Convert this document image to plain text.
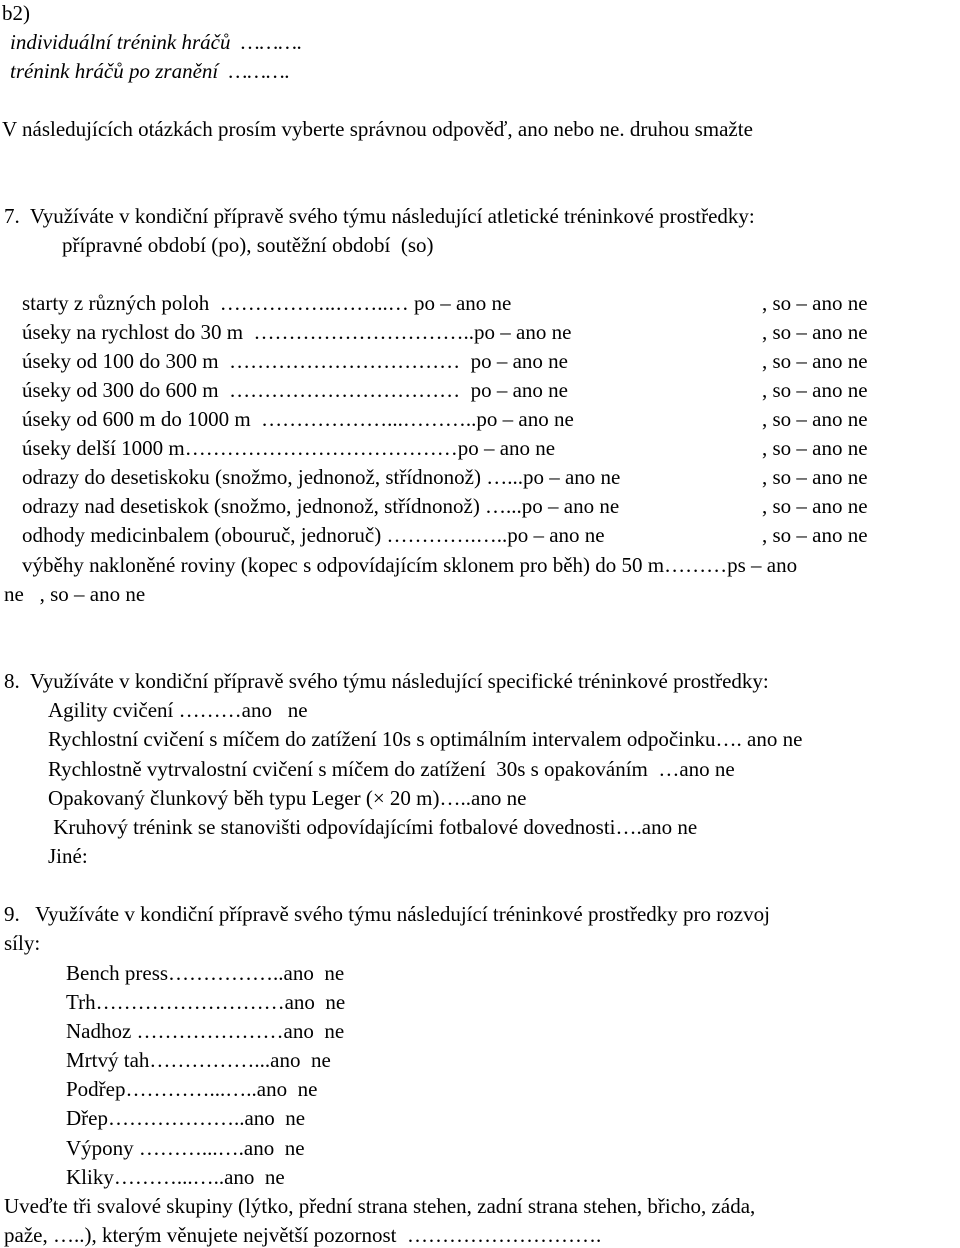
b2)
individuální trénink hráčů  ……….
trénink hráčů po zranění  ……….
V následujících otázkách prosím vyberte správnou odpověď, ano nebo ne. druhou smažte
7.  Využíváte v kondiční přípravě svého týmu následující atletické tréninkové prostředky:
přípravné období (po), soutěžní období  (so)
starty z různých poloh  ……………..……..… po – ano ne	, so – ano ne
úseky na rychlost do 30 m  …………………………..po – ano ne	, so – ano ne
úseky od 100 do 300 m  ……………………………  po – ano ne	, so – ano ne
úseky od 300 do 600 m  ……………………………  po – ano ne	, so – ano ne
úseky od 600 m do 1000 m  ………………...………..po – ano ne	, so – ano ne
úseky delší 1000 m…………………………………po – ano ne	, so – ano ne
odrazy do desetiskoku (snožmo, jednonož, střídnonož) …...po – ano ne	, so – ano ne
odrazy nad desetiskok (snožmo, jednonož, střídnonož) …...po – ano ne	, so – ano ne
odhody medicinbalem (obouruč, jednoruč) ………….…..po – ano ne	, so – ano ne
výběhy nakloněné roviny (kopec s odpovídajícím sklonem pro běh) do 50 m………ps – ano
ne   , so – ano ne
8.  Využíváte v kondiční přípravě svého týmu následující specifické tréninkové prostředky:
Agility cvičení ………ano   ne
Rychlostní cvičení s míčem do zatížení 10s s optimálním intervalem odpočinku…. ano ne
Rychlostně vytrvalostní cvičení s míčem do zatížení  30s s opakováním  …ano ne
Opakovaný člunkový běh typu Leger (× 20 m)…..ano ne
Kruhový trénink se stanovišti odpovídajícími fotbalové dovednosti….ano ne
Jiné:
9.   Využíváte v kondiční přípravě svého týmu následující tréninkové prostředky pro rozvoj
síly:
Bench press……………..ano  ne
Trh………………………ano  ne
Nadhoz …………………ano  ne
Mrtvý tah……………...ano  ne
Podřep…………...…..ano  ne
Dřep………………..ano  ne
Výpony ………...….ano  ne
Kliky………...…..ano  ne
Uveďte tři svalové skupiny (lýtko, přední strana stehen, zadní strana stehen, břicho, záda,
paže, …..), kterým věnujete největší pozornost  ……………………….
